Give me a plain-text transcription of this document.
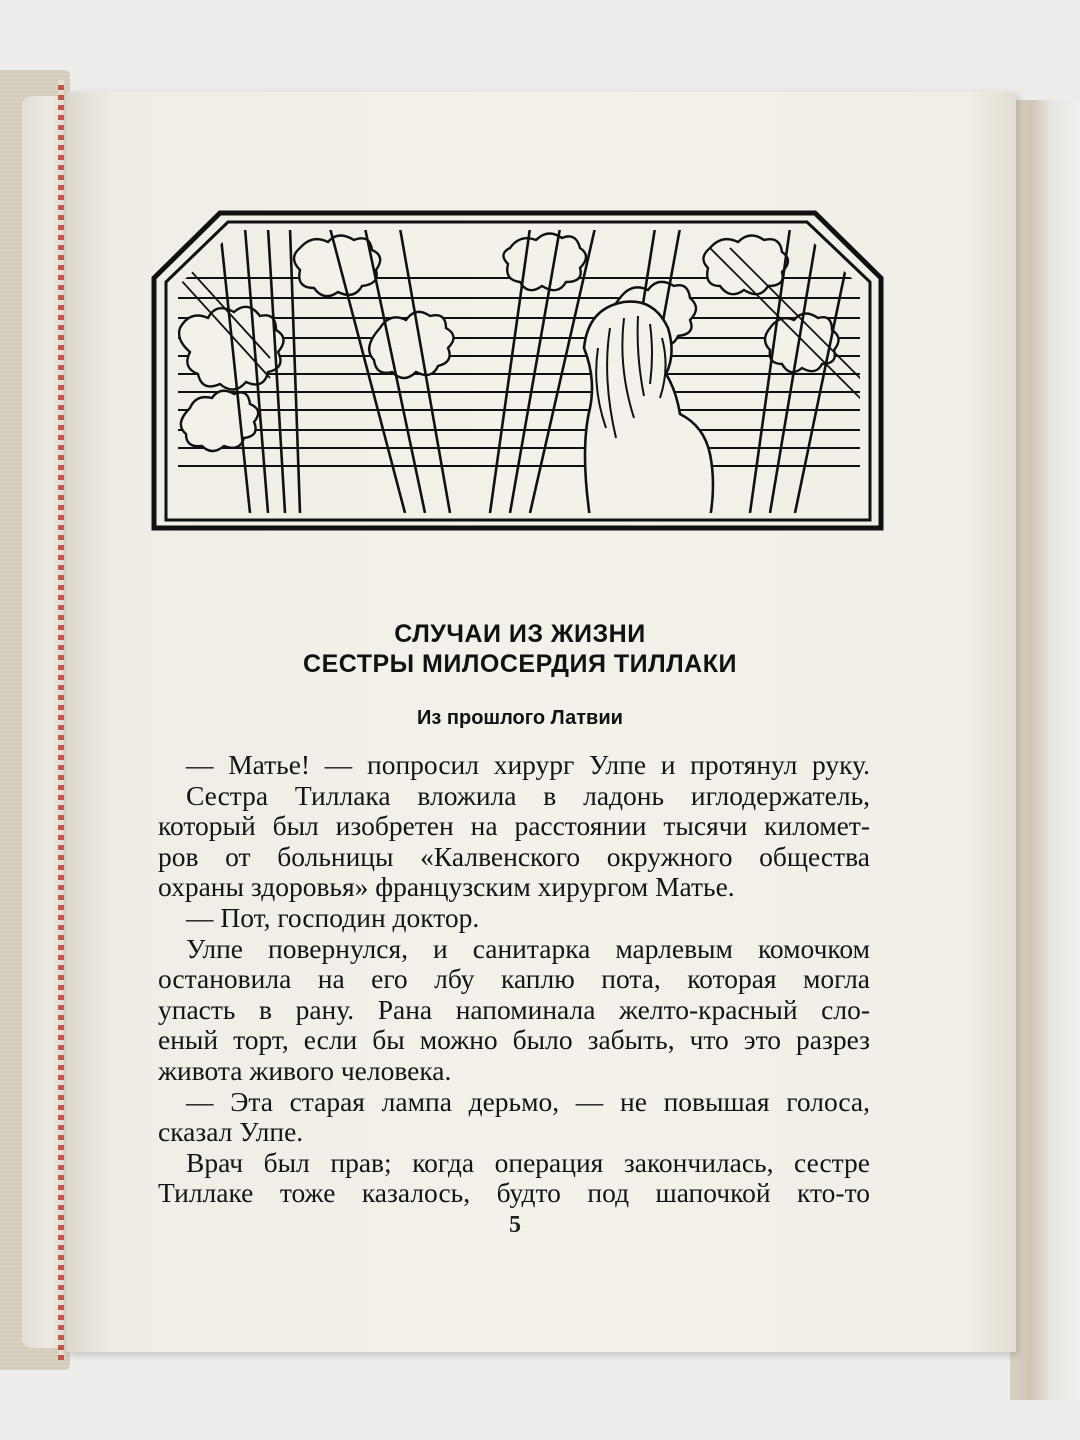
СЛУЧАИ ИЗ ЖИЗНИ
СЕСТРЫ МИЛОСЕРДИЯ ТИЛЛАКИ
Из прошлого Латвии
— Матье! — попросил хирург Улпе и протянул руку.
Сестра Тиллака вложила в ладонь иглодержатель,
который был изобретен на расстоянии тысячи километ-
ров от больницы «Калвенского окружного общества
охраны здоровья» французским хирургом Матье.
— Пот, господин доктор.
Улпе повернулся, и санитарка марлевым комочком
остановила на его лбу каплю пота, которая могла
упасть в рану. Рана напоминала желто-красный сло-
еный торт, если бы можно было забыть, что это разрез
живота живого человека.
— Эта старая лампа дерьмо, — не повышая голоса,
сказал Улпе.
Врач был прав; когда операция закончилась, сестре
Тиллаке тоже казалось, будто под шапочкой кто-то
5
